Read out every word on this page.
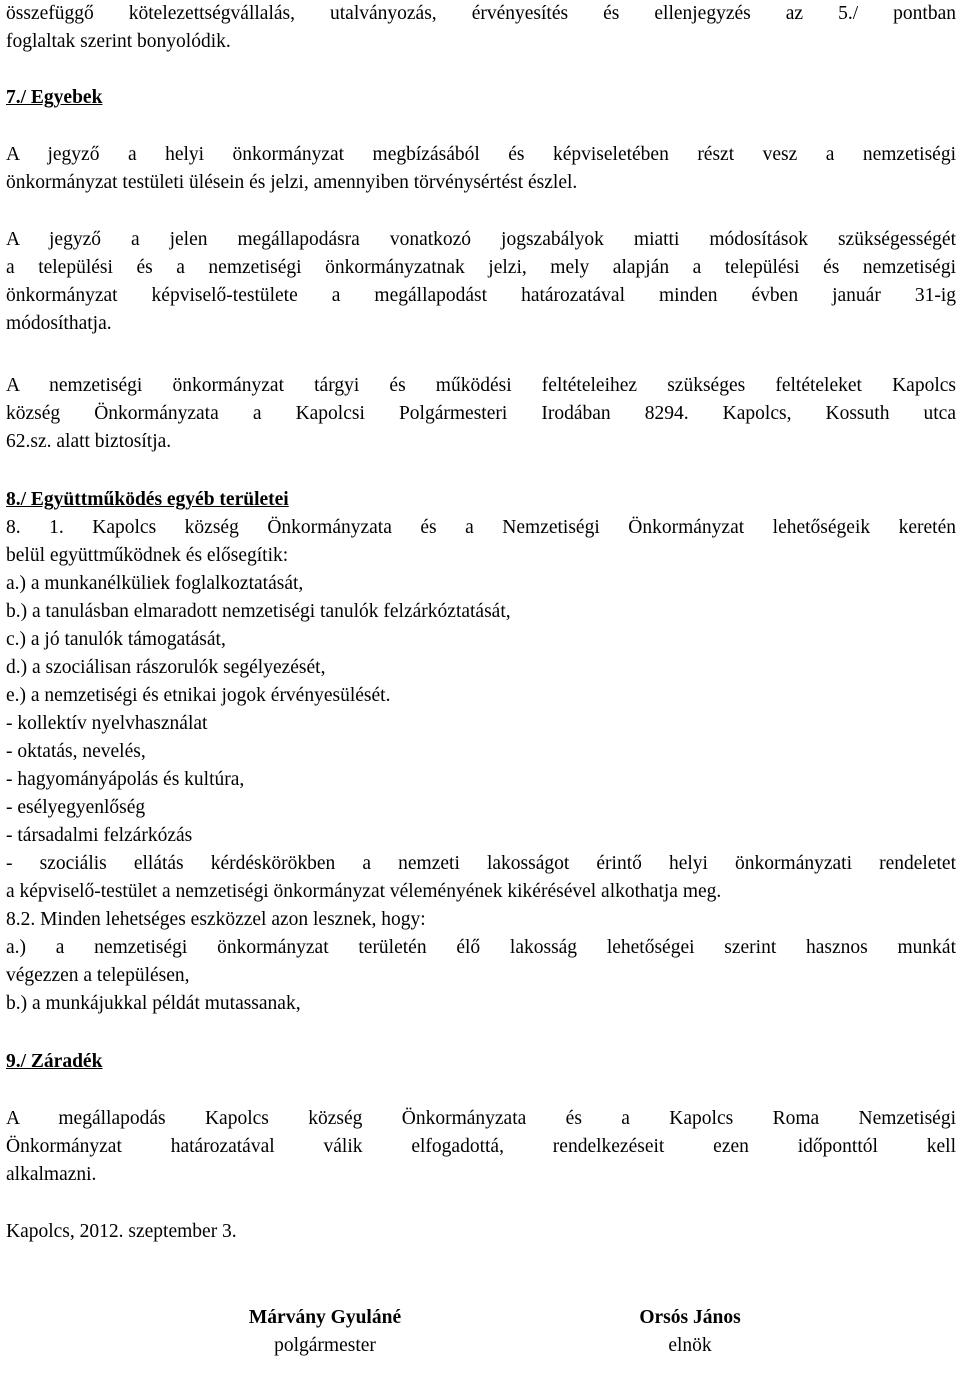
összefüggő kötelezettségvállalás, utalványozás, érvényesítés és ellenjegyzés az 5./ pontban
foglaltak szerint bonyolódik.
7./ Egyebek
A jegyző a helyi önkormányzat megbízásából és képviseletében részt vesz a nemzetiségi
önkormányzat testületi ülésein és jelzi, amennyiben törvénysértést észlel.
A jegyző a jelen megállapodásra vonatkozó jogszabályok miatti módosítások szükségességét
a települési és a nemzetiségi önkormányzatnak jelzi, mely alapján a települési és nemzetiségi
önkormányzat képviselő-testülete a megállapodást határozatával minden évben január 31-ig
módosíthatja.
A nemzetiségi önkormányzat tárgyi és működési feltételeihez szükséges feltételeket Kapolcs
község Önkormányzata a Kapolcsi Polgármesteri Irodában 8294. Kapolcs, Kossuth utca
62.sz. alatt biztosítja.
8./ Együttműködés egyéb területei
8. 1. Kapolcs község Önkormányzata és a Nemzetiségi Önkormányzat lehetőségeik keretén
belül együttműködnek és elősegítik:
a.) a munkanélküliek foglalkoztatását,
b.) a tanulásban elmaradott nemzetiségi tanulók felzárkóztatását,
c.) a jó tanulók támogatását,
d.) a szociálisan rászorulók segélyezését,
e.) a nemzetiségi és etnikai jogok érvényesülését.
- kollektív nyelvhasználat
- oktatás, nevelés,
- hagyományápolás és kultúra,
- esélyegyenlőség
- társadalmi felzárkózás
- szociális ellátás kérdéskörökben a nemzeti lakosságot érintő helyi önkormányzati rendeletet
a képviselő-testület a nemzetiségi önkormányzat véleményének kikérésével alkothatja meg.
8.2. Minden lehetséges eszközzel azon lesznek, hogy:
a.) a nemzetiségi önkormányzat területén élő lakosság lehetőségei szerint hasznos munkát
végezzen a településen,
b.) a munkájukkal példát mutassanak,
9./ Záradék
A megállapodás Kapolcs község Önkormányzata és a Kapolcs Roma Nemzetiségi
Önkormányzat határozatával válik elfogadottá, rendelkezéseit ezen időponttól kell
alkalmazni.
Kapolcs, 2012. szeptember 3.
Márvány Gyuláné
polgármester
Orsós János
elnök
